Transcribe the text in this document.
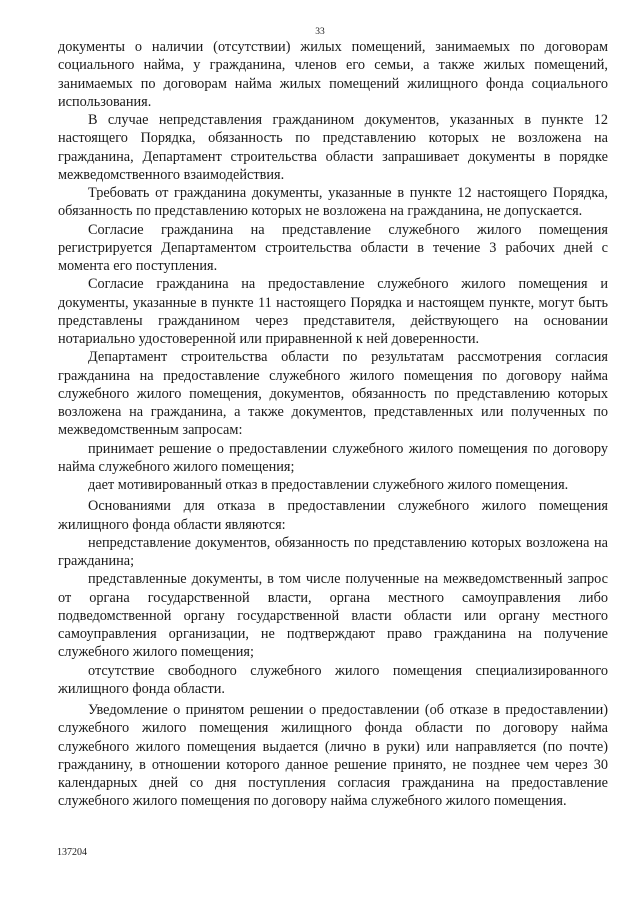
33

документы о наличии (отсутствии) жилых помещений, занимаемых по договорам социального найма, у гражданина, членов его семьи, а также жилых помещений, занимаемых по договорам найма жилых помещений жилищного фонда социального использования.

В случае непредставления гражданином документов, указанных в пункте 12 настоящего Порядка, обязанность по представлению которых не возложена на гражданина, Департамент строительства области запрашивает документы в порядке межведомственного взаимодействия.

Требовать от гражданина документы, указанные в пункте 12 настоящего Порядка, обязанность по представлению которых не возложена на гражданина, не допускается.

Согласие гражданина на представление служебного жилого помещения регистрируется Департаментом строительства области в течение 3 рабочих дней с момента его поступления.

Согласие гражданина на предоставление служебного жилого помещения и документы, указанные в пункте 11 настоящего Порядка и настоящем пункте, могут быть представлены гражданином через представителя, действующего на основании нотариально удостоверенной или приравненной к ней доверенности.

Департамент строительства области по результатам рассмотрения согласия гражданина на предоставление служебного жилого помещения по договору найма служебного жилого помещения, документов, обязанность по представлению которых возложена на гражданина, а также документов, представленных или полученных по межведомственным запросам:

принимает решение о предоставлении служебного жилого помещения по договору найма служебного жилого помещения;

дает мотивированный отказ в предоставлении служебного жилого помещения.

Основаниями для отказа в предоставлении служебного жилого помещения жилищного фонда области являются:

непредставление документов, обязанность по представлению которых возложена на гражданина;

представленные документы, в том числе полученные на межведомственный запрос от органа государственной власти, органа местного самоуправления либо подведомственной органу государственной власти области или органу местного самоуправления организации, не подтверждают право гражданина на получение служебного жилого помещения;

отсутствие свободного служебного жилого помещения специализированного жилищного фонда области.

Уведомление о принятом решении о предоставлении (об отказе в предоставлении) служебного жилого помещения жилищного фонда области по договору найма служебного жилого помещения выдается (лично в руки) или направляется (по почте) гражданину, в отношении которого данное решение принято, не позднее чем через 30 календарных дней со дня поступления согласия гражданина на предоставление служебного жилого помещения по договору найма служебного жилого помещения.

137204
